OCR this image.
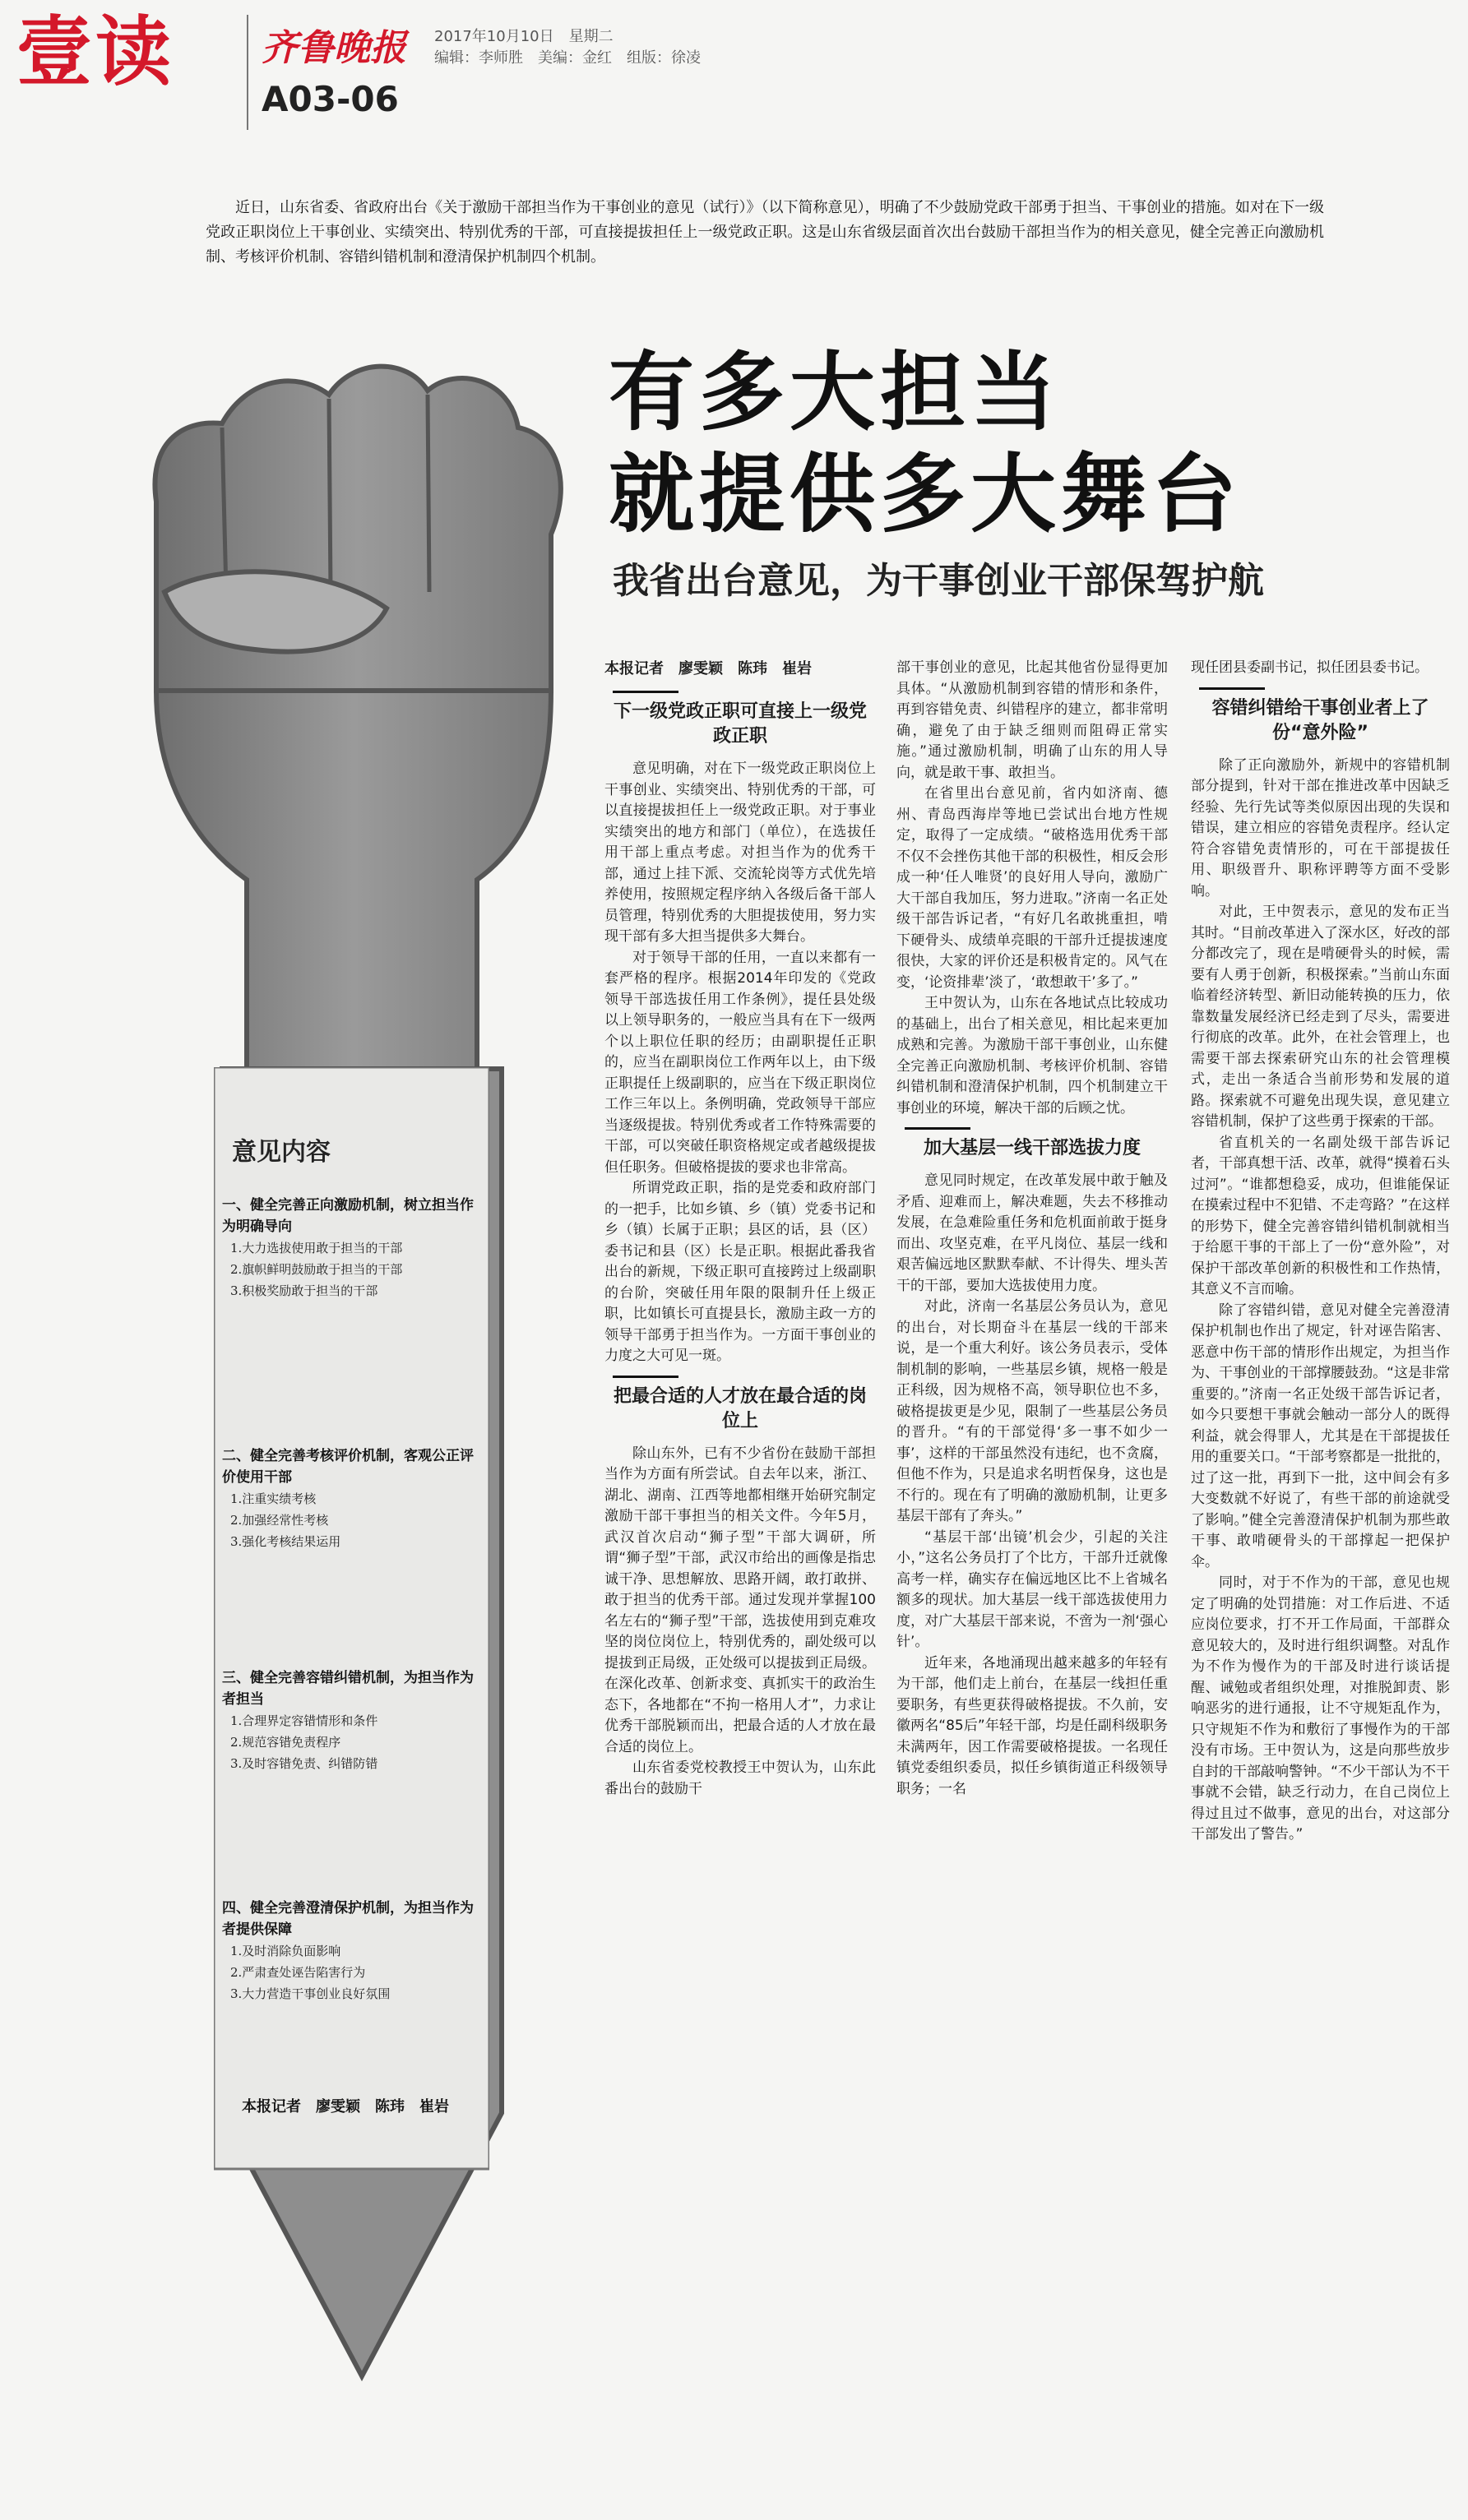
壹读 齐鲁晚报
A03-06
2017年10月10日　星期二
编辑：李师胜　美编：金红　组版：徐凌
近日，山东省委、省政府出台《关于激励干部担当作为干事创业的意见（试行）》（以下简称意见），明确了不少鼓励党政干部勇于担当、干事创业的措施。如对在下一级党政正职岗位上干事创业、实绩突出、特别优秀的干部，可直接提拔担任上一级党政正职。这是山东省级层面首次出台鼓励干部担当作为的相关意见，健全完善正向激励机制、考核评价机制、容错纠错机制和澄清保护机制四个机制。
有多大担当
就提供多大舞台
我省出台意见，为干事创业干部保驾护航
意见内容
一、健全完善正向激励机制，树立担当作为明确导向
1.大力选拔使用敢于担当的干部
2.旗帜鲜明鼓励敢于担当的干部
3.积极奖励敢于担当的干部
二、健全完善考核评价机制，客观公正评价使用干部
1.注重实绩考核
2.加强经常性考核
3.强化考核结果运用
三、健全完善容错纠错机制，为担当作为者担当
1.合理界定容错情形和条件
2.规范容错免责程序
3.及时容错免责、纠错防错
四、健全完善澄清保护机制，为担当作为者提供保障
1.及时消除负面影响
2.严肃查处诬告陷害行为
3.大力营造干事创业良好氛围
本报记者　廖雯颖　陈玮　崔岩
本报记者　廖雯颖　陈玮　崔岩
下一级党政正职可直接上一级党政正职

意见明确，对在下一级党政正职岗位上干事创业、实绩突出、特别优秀的干部，可以直接提拔担任上一级党政正职。对于事业实绩突出的地方和部门（单位），在选拔任用干部上重点考虑。对担当作为的优秀干部，通过上挂下派、交流轮岗等方式优先培养使用，按照规定程序纳入各级后备干部人员管理，特别优秀的大胆提拔使用，努力实现干部有多大担当提供多大舞台。

对于领导干部的任用，一直以来都有一套严格的程序。根据2014年印发的《党政领导干部选拔任用工作条例》，提任县处级以上领导职务的，一般应当具有在下一级两个以上职位任职的经历；由副职提任正职的，应当在副职岗位工作两年以上，由下级正职提任上级副职的，应当在下级正职岗位工作三年以上。条例明确，党政领导干部应当逐级提拔。特别优秀或者工作特殊需要的干部，可以突破任职资格规定或者越级提拔但任职务。但破格提拔的要求也非常高。

所谓党政正职，指的是党委和政府部门的一把手，比如乡镇、乡（镇）党委书记和乡（镇）长属于正职；县区的话，县（区）委书记和县（区）长是正职。根据此番我省出台的新规，下级正职可直接跨过上级副职的台阶，突破任用年限的限制升任上级正职，比如镇长可直提县长，激励主政一方的领导干部勇于担当作为。一方面干事创业的力度之大可见一斑。

把最合适的人才放在最合适的岗位上

除山东外，已有不少省份在鼓励干部担当作为方面有所尝试。自去年以来，浙江、湖北、湖南、江西等地都相继开始研究制定激励干部干事担当的相关文件。今年5月，武汉首次启动“狮子型”干部大调研，所谓“狮子型”干部，武汉市给出的画像是指忠诚干净、思想解放、思路开阔，敢打敢拼、敢于担当的优秀干部。通过发现并掌握100名左右的“狮子型”干部，选拔使用到克难攻坚的岗位岗位上，特别优秀的，副处级可以提拔到正局级，正处级可以提拔到正局级。在深化改革、创新求变、真抓实干的政治生态下，各地都在“不拘一格用人才”，力求让优秀干部脱颖而出，把最合适的人才放在最合适的岗位上。

山东省委党校教授王中贺认为，山东此番出台的鼓励干

部干事创业的意见，比起其他省份显得更加具体。“从激励机制到容错的情形和条件，再到容错免责、纠错程序的建立，都非常明确，避免了由于缺乏细则而阻碍正常实施。”通过激励机制，明确了山东的用人导向，就是敢干事、敢担当。

在省里出台意见前，省内如济南、德州、青岛西海岸等地已尝试出台地方性规定，取得了一定成绩。“破格选用优秀干部不仅不会挫伤其他干部的积极性，相反会形成一种‘任人唯贤’的良好用人导向，激励广大干部自我加压，努力进取。”济南一名正处级干部告诉记者，“有好几名敢挑重担，啃下硬骨头、成绩单亮眼的干部升迁提拔速度很快，大家的评价还是积极肯定的。风气在变，‘论资排辈’淡了，‘敢想敢干’多了。”

王中贺认为，山东在各地试点比较成功的基础上，出台了相关意见，相比起来更加成熟和完善。为激励干部干事创业，山东健全完善正向激励机制、考核评价机制、容错纠错机制和澄清保护机制，四个机制建立干事创业的环境，解决干部的后顾之忧。

加大基层一线干部选拔力度

意见同时规定，在改革发展中敢于触及矛盾、迎难而上，解决难题，失去不移推动发展，在急难险重任务和危机面前敢于挺身而出、攻坚克难，在平凡岗位、基层一线和艰苦偏远地区默默奉献、不计得失、埋头苦干的干部，要加大选拔使用力度。

对此，济南一名基层公务员认为，意见的出台，对长期奋斗在基层一线的干部来说，是一个重大利好。该公务员表示，受体制机制的影响，一些基层乡镇，规格一般是正科级，因为规格不高，领导职位也不多，破格提拔更是少见，限制了一些基层公务员的晋升。“有的干部觉得‘多一事不如少一事’，这样的干部虽然没有违纪，也不贪腐，但他不作为，只是追求名明哲保身，这也是不行的。现在有了明确的激励机制，让更多基层干部有了奔头。”

“基层干部‘出镜’机会少，引起的关注小，”这名公务员打了个比方，干部升迁就像高考一样，确实存在偏远地区比不上省城名额多的现状。加大基层一线干部选拔使用力度，对广大基层干部来说，不啻为一剂‘强心针’。

近年来，各地涌现出越来越多的年轻有为干部，他们走上前台，在基层一线担任重要职务，有些更获得破格提拔。不久前，安徽两名“85后”年轻干部，均是任副科级职务未满两年，因工作需要破格提拔。一名现任镇党委组织委员，拟任乡镇街道正科级领导职务；一名

现任团县委副书记，拟任团县委书记。

容错纠错给干事创业者上了份“意外险”

除了正向激励外，新规中的容错机制部分提到，针对干部在推进改革中因缺乏经验、先行先试等类似原因出现的失误和错误，建立相应的容错免责程序。经认定符合容错免责情形的，可在干部提拔任用、职级晋升、职称评聘等方面不受影响。

对此，王中贺表示，意见的发布正当其时。“目前改革进入了深水区，好改的部分都改完了，现在是啃硬骨头的时候，需要有人勇于创新，积极探索。”当前山东面临着经济转型、新旧动能转换的压力，依靠数量发展经济已经走到了尽头，需要进行彻底的改革。此外，在社会管理上，也需要干部去探索研究山东的社会管理模式，走出一条适合当前形势和发展的道路。探索就不可避免出现失误，意见建立容错机制，保护了这些勇于探索的干部。

省直机关的一名副处级干部告诉记者，干部真想干活、改革，就得“摸着石头过河”。“谁都想稳妥，成功，但谁能保证在摸索过程中不犯错、不走弯路？”在这样的形势下，健全完善容错纠错机制就相当于给愿干事的干部上了一份“意外险”，对保护干部改革创新的积极性和工作热情，其意义不言而喻。

除了容错纠错，意见对健全完善澄清保护机制也作出了规定，针对诬告陷害、恶意中伤干部的情形作出规定，为担当作为、干事创业的干部撑腰鼓劲。“这是非常重要的。”济南一名正处级干部告诉记者，如今只要想干事就会触动一部分人的既得利益，就会得罪人，尤其是在干部提拔任用的重要关口。“干部考察都是一批批的，过了这一批，再到下一批，这中间会有多大变数就不好说了，有些干部的前途就受了影响。”健全完善澄清保护机制为那些敢干事、敢啃硬骨头的干部撑起一把保护伞。

同时，对于不作为的干部，意见也规定了明确的处罚措施：对工作后进、不适应岗位要求，打不开工作局面，干部群众意见较大的，及时进行组织调整。对乱作为不作为慢作为的干部及时进行谈话提醒、诫勉或者组织处理，对推脱卸责、影响恶劣的进行通报，让不守规矩乱作为，只守规矩不作为和敷衍了事慢作为的干部没有市场。王中贺认为，这是向那些放步自封的干部敲响警钟。“不少干部认为不干事就不会错，缺乏行动力，在自己岗位上得过且过不做事，意见的出台，对这部分干部发出了警告。”
